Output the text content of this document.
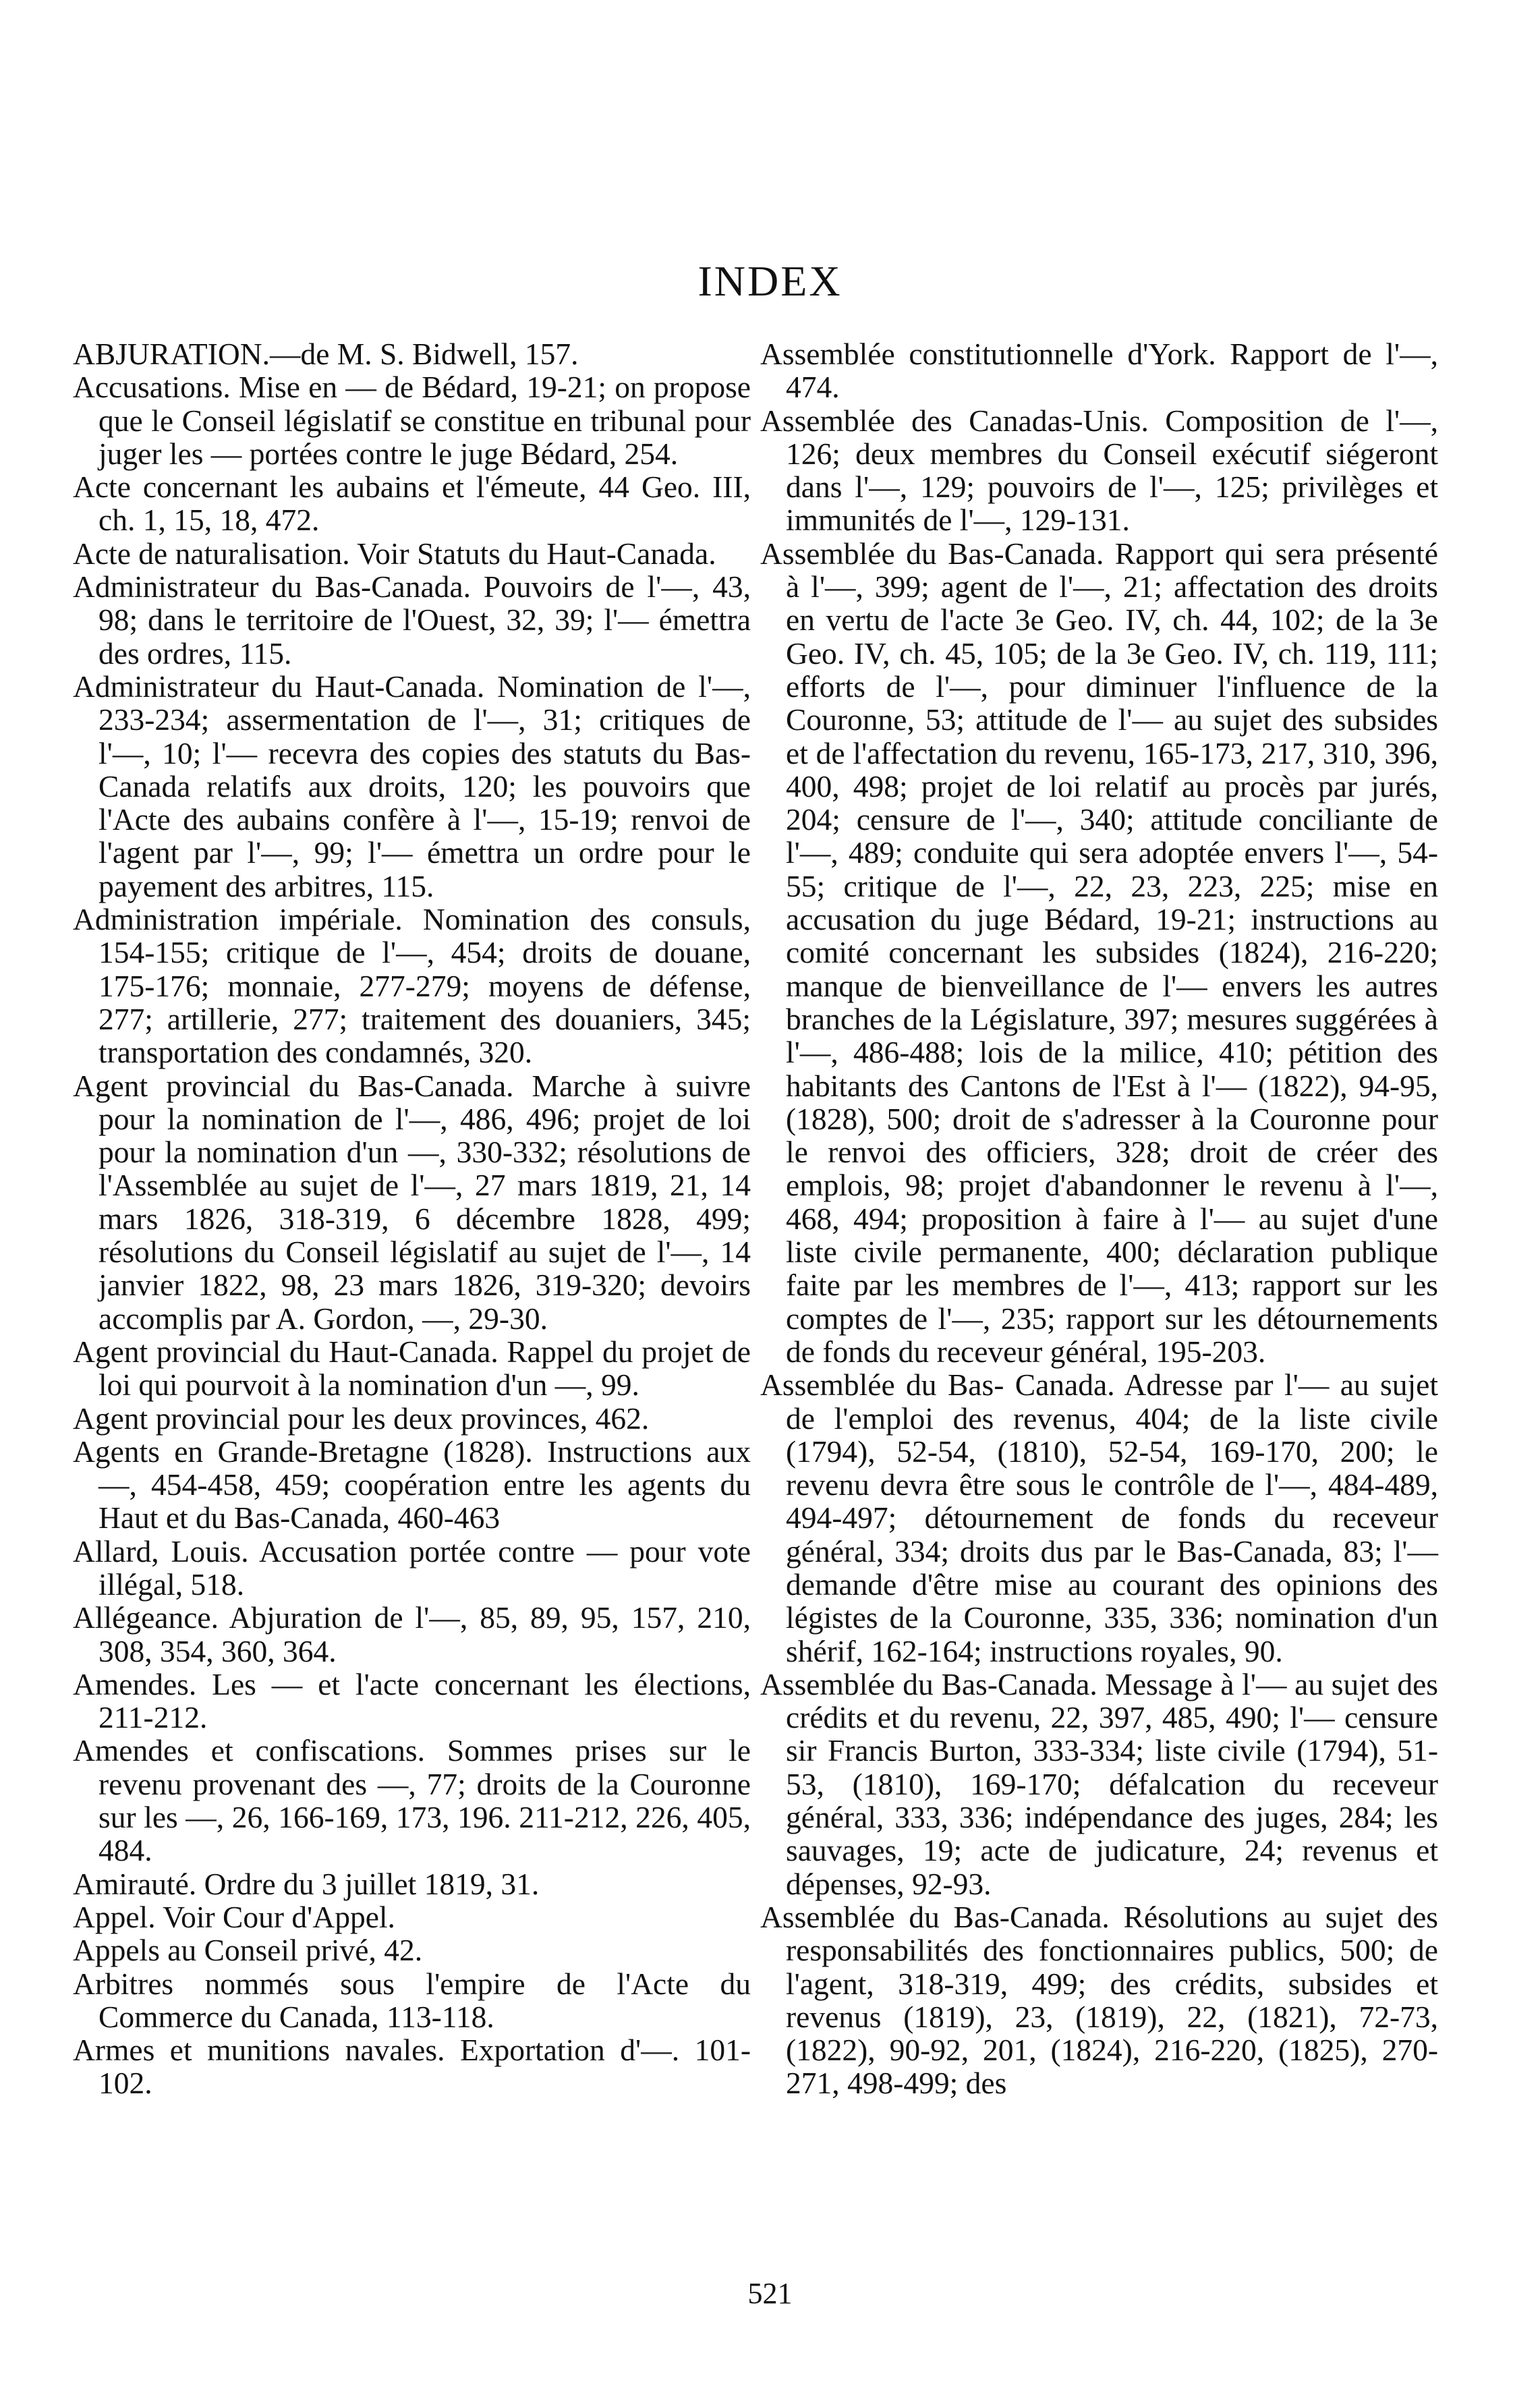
INDEX

ABJURATION.—de M. S. Bidwell, 157.

Accusations. Mise en — de Bédard, 19-21; on propose que le Conseil législatif se constitue en tribunal pour juger les — portées contre le juge Bédard, 254.

Acte concernant les aubains et l'émeute, 44 Geo. III, ch. 1, 15, 18, 472.

Acte de naturalisation. Voir Statuts du Haut-Canada.

Administrateur du Bas-Canada. Pouvoirs de l'—, 43, 98; dans le territoire de l'Ouest, 32, 39; l'— émettra des ordres, 115.

Administrateur du Haut-Canada. Nomination de l'—, 233-234; assermentation de l'—, 31; critiques de l'—, 10; l'— recevra des copies des statuts du Bas-Canada relatifs aux droits, 120; les pouvoirs que l'Acte des aubains confère à l'—, 15-19; renvoi de l'agent par l'—, 99; l'— émettra un ordre pour le payement des arbitres, 115.

Administration impériale. Nomination des consuls, 154-155; critique de l'—, 454; droits de douane, 175-176; monnaie, 277-279; moyens de défense, 277; artillerie, 277; traitement des douaniers, 345; transportation des condamnés, 320.

Agent provincial du Bas-Canada. Marche à suivre pour la nomination de l'—, 486, 496; projet de loi pour la nomination d'un —, 330-332; résolutions de l'Assemblée au sujet de l'—, 27 mars 1819, 21, 14 mars 1826, 318-319, 6 décembre 1828, 499; résolutions du Conseil législatif au sujet de l'—, 14 janvier 1822, 98, 23 mars 1826, 319-320; devoirs accomplis par A. Gordon, —, 29-30.

Agent provincial du Haut-Canada. Rappel du projet de loi qui pourvoit à la nomination d'un —, 99.

Agent provincial pour les deux provinces, 462.

Agents en Grande-Bretagne (1828). Instructions aux —, 454-458, 459; coopération entre les agents du Haut et du Bas-Canada, 460-463

Allard, Louis. Accusation portée contre — pour vote illégal, 518.

Allégeance. Abjuration de l'—, 85, 89, 95, 157, 210, 308, 354, 360, 364.

Amendes. Les — et l'acte concernant les élections, 211-212.

Amendes et confiscations. Sommes prises sur le revenu provenant des —, 77; droits de la Couronne sur les —, 26, 166-169, 173, 196. 211-212, 226, 405, 484.

Amirauté. Ordre du 3 juillet 1819, 31.

Appel. Voir Cour d'Appel.

Appels au Conseil privé, 42.

Arbitres nommés sous l'empire de l'Acte du Commerce du Canada, 113-118.

Armes et munitions navales. Exportation d'—. 101-102.

Assemblée constitutionnelle d'York. Rapport de l'—, 474.

Assemblée des Canadas-Unis. Composition de l'—, 126; deux membres du Conseil exécutif siégeront dans l'—, 129; pouvoirs de l'—, 125; privilèges et immunités de l'—, 129-131.

Assemblée du Bas-Canada. Rapport qui sera présenté à l'—, 399; agent de l'—, 21; affectation des droits en vertu de l'acte 3e Geo. IV, ch. 44, 102; de la 3e Geo. IV, ch. 45, 105; de la 3e Geo. IV, ch. 119, 111; efforts de l'—, pour diminuer l'influence de la Couronne, 53; attitude de l'— au sujet des subsides et de l'affectation du revenu, 165-173, 217, 310, 396, 400, 498; projet de loi relatif au procès par jurés, 204; censure de l'—, 340; attitude conciliante de l'—, 489; conduite qui sera adoptée envers l'—, 54-55; critique de l'—, 22, 23, 223, 225; mise en accusation du juge Bédard, 19-21; instructions au comité concernant les subsides (1824), 216-220; manque de bienveillance de l'— envers les autres branches de la Législature, 397; mesures suggérées à l'—, 486-488; lois de la milice, 410; pétition des habitants des Cantons de l'Est à l'— (1822), 94-95, (1828), 500; droit de s'adresser à la Couronne pour le renvoi des officiers, 328; droit de créer des emplois, 98; projet d'abandonner le revenu à l'—, 468, 494; proposition à faire à l'— au sujet d'une liste civile permanente, 400; déclaration publique faite par les membres de l'—, 413; rapport sur les comptes de l'—, 235; rapport sur les détournements de fonds du receveur général, 195-203.

Assemblée du Bas- Canada. Adresse par l'— au sujet de l'emploi des revenus, 404; de la liste civile (1794), 52-54, (1810), 52-54, 169-170, 200; le revenu devra être sous le contrôle de l'—, 484-489, 494-497; détournement de fonds du receveur général, 334; droits dus par le Bas-Canada, 83; l'— demande d'être mise au courant des opinions des légistes de la Couronne, 335, 336; nomination d'un shérif, 162-164; instructions royales, 90.

Assemblée du Bas-Canada. Message à l'— au sujet des crédits et du revenu, 22, 397, 485, 490; l'— censure sir Francis Burton, 333-334; liste civile (1794), 51-53, (1810), 169-170; défalcation du receveur général, 333, 336; indépendance des juges, 284; les sauvages, 19; acte de judicature, 24; revenus et dépenses, 92-93.

Assemblée du Bas-Canada. Résolutions au sujet des responsabilités des fonctionnaires publics, 500; de l'agent, 318-319, 499; des crédits, subsides et revenus (1819), 23, (1819), 22, (1821), 72-73, (1822), 90-92, 201, (1824), 216-220, (1825), 270-271, 498-499; des

521
